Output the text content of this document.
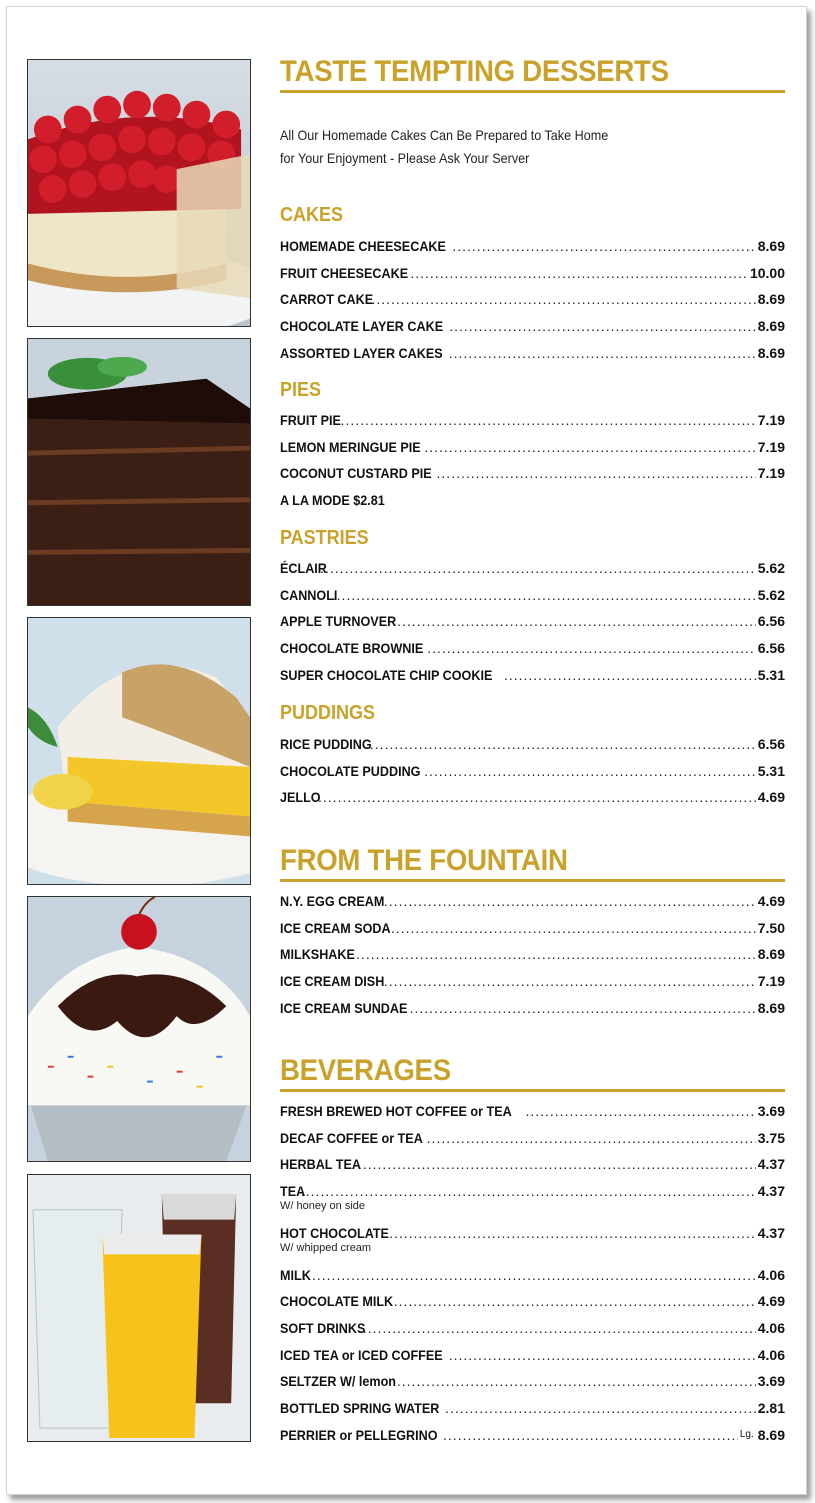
TASTE TEMPTING DESSERTS
All Our Homemade Cakes Can Be Prepared to Take Home
for Your Enjoyment - Please Ask Your Server
CAKES
PIES
A LA MODE $2.81
PASTRIES
PUDDINGS
FROM THE FOUNTAIN
BEVERAGES
HOMEMADE CHEESECAKE .....	8.69
FRUIT CHEESECAKE .....	10.00
CARROT CAKE .....	8.69
CHOCOLATE LAYER CAKE .....	8.69
ASSORTED LAYER CAKES .....	8.69
FRUIT PIE .....	7.19
LEMON MERINGUE PIE .....	7.19
COCONUT CUSTARD PIE .....	7.19
ÉCLAIR .....	5.62
CANNOLI .....	5.62
APPLE TURNOVER .....	6.56
CHOCOLATE BROWNIE .....	6.56
SUPER CHOCOLATE CHIP COOKIE .....	5.31
RICE PUDDING .....	6.56
CHOCOLATE PUDDING .....	5.31
JELLO .....	4.69
N.Y. EGG CREAM .....	4.69
ICE CREAM SODA .....	7.50
MILKSHAKE .....	8.69
ICE CREAM DISH .....	7.19
ICE CREAM SUNDAE .....	8.69
FRESH BREWED HOT COFFEE or TEA .....	3.69
DECAF COFFEE or TEA .....	3.75
HERBAL TEA .....	4.37
TEA .....	4.37
W/ honey on side
HOT CHOCOLATE .....	4.37
W/ whipped cream
MILK .....	4.06
CHOCOLATE MILK .....	4.69
SOFT DRINKS .....	4.06
ICED TEA or ICED COFFEE .....	4.06
SELTZER W/ lemon .....	3.69
BOTTLED SPRING WATER .....	2.81
PERRIER or PELLEGRINO .....	Lg. 8.69
